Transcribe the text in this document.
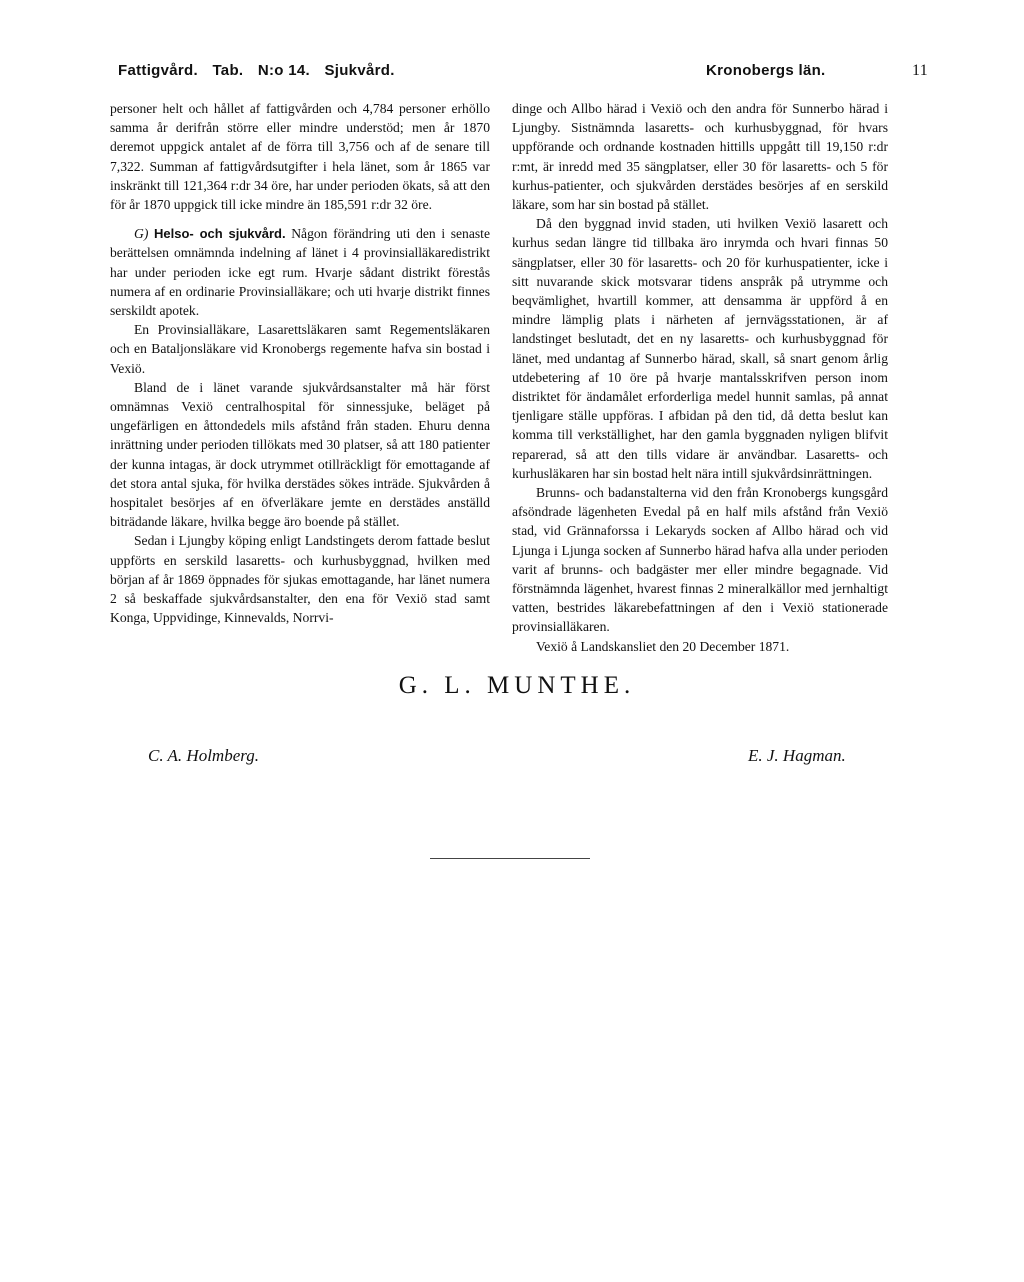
Fattigvård. Tab. N:o 14. Sjukvård.	Kronobergs län.	11

personer helt och hållet af fattigvården och 4,784 personer erhöllo samma år derifrån större eller mindre understöd; men år 1870 deremot uppgick antalet af de förra till 3,756 och af de senare till 7,322. Summan af fattigvårdsutgifter i hela länet, som år 1865 var inskränkt till 121,364 r:dr 34 öre, har under perioden ökats, så att den för år 1870 uppgick till icke mindre än 185,591 r:dr 32 öre.

G) Helso- och sjukvård. Någon förändring uti den i senaste berättelsen omnämnda indelning af länet i 4 provinsialläkaredistrikt har under perioden icke egt rum. Hvarje sådant distrikt förestås numera af en ordinarie Provinsialläkare; och uti hvarje distrikt finnes serskildt apotek.

En Provinsialläkare, Lasarettsläkaren samt Regementsläkaren och en Bataljonsläkare vid Kronobergs regemente hafva sin bostad i Vexiö.

Bland de i länet varande sjukvårdsanstalter må här först omnämnas Vexiö centralhospital för sinnessjuke, beläget på ungefärligen en åttondedels mils afstånd från staden. Ehuru denna inrättning under perioden tillökats med 30 platser, så att 180 patienter der kunna intagas, är dock utrymmet otillräckligt för emottagande af det stora antal sjuka, för hvilka derstädes sökes inträde. Sjukvården å hospitalet besörjes af en öfverläkare jemte en derstädes anställd biträdande läkare, hvilka begge äro boende på stället.

Sedan i Ljungby köping enligt Landstingets derom fattade beslut uppförts en serskild lasaretts- och kurhusbyggnad, hvilken med början af år 1869 öppnades för sjukas emottagande, har länet numera 2 så beskaffade sjukvårdsanstalter, den ena för Vexiö stad samt Konga, Uppvidinge, Kinnevalds, Norrvi-

dinge och Allbo härad i Vexiö och den andra för Sunnerbo härad i Ljungby. Sistnämnda lasaretts- och kurhusbyggnad, för hvars uppförande och ordnande kostnaden hittills uppgått till 19,150 r:dr r:mt, är inredd med 35 sängplatser, eller 30 för lasaretts- och 5 för kurhus-patienter, och sjukvården derstädes besörjes af en serskild läkare, som har sin bostad på stället.

Då den byggnad invid staden, uti hvilken Vexiö lasarett och kurhus sedan längre tid tillbaka äro inrymda och hvari finnas 50 sängplatser, eller 30 för lasaretts- och 20 för kurhuspatienter, icke i sitt nuvarande skick motsvarar tidens anspråk på utrymme och beqvämlighet, hvartill kommer, att densamma är uppförd å en mindre lämplig plats i närheten af jernvägsstationen, är af landstinget beslutadt, det en ny lasaretts- och kurhusbyggnad för länet, med undantag af Sunnerbo härad, skall, så snart genom årlig utdebetering af 10 öre på hvarje mantalsskrifven person inom distriktet för ändamålet erforderliga medel hunnit samlas, på annat tjenligare ställe uppföras. I afbidan på den tid, då detta beslut kan komma till verkställighet, har den gamla byggnaden nyligen blifvit reparerad, så att den tills vidare är användbar. Lasaretts- och kurhusläkaren har sin bostad helt nära intill sjukvårdsinrättningen.

Brunns- och badanstalterna vid den från Kronobergs kungsgård afsöndrade lägenheten Evedal på en half mils afstånd från Vexiö stad, vid Grännaforssa i Lekaryds socken af Allbo härad och vid Ljunga i Ljunga socken af Sunnerbo härad hafva alla under perioden varit af brunns- och badgäster mer eller mindre begagnade. Vid förstnämnda lägenhet, hvarest finnas 2 mineralkällor med jernhaltigt vatten, bestrides läkarebefattningen af den i Vexiö stationerade provinsialläkaren.

Vexiö å Landskansliet den 20 December 1871.

G. L. MUNTHE.
C. A. Holmberg.	E. J. Hagman.
